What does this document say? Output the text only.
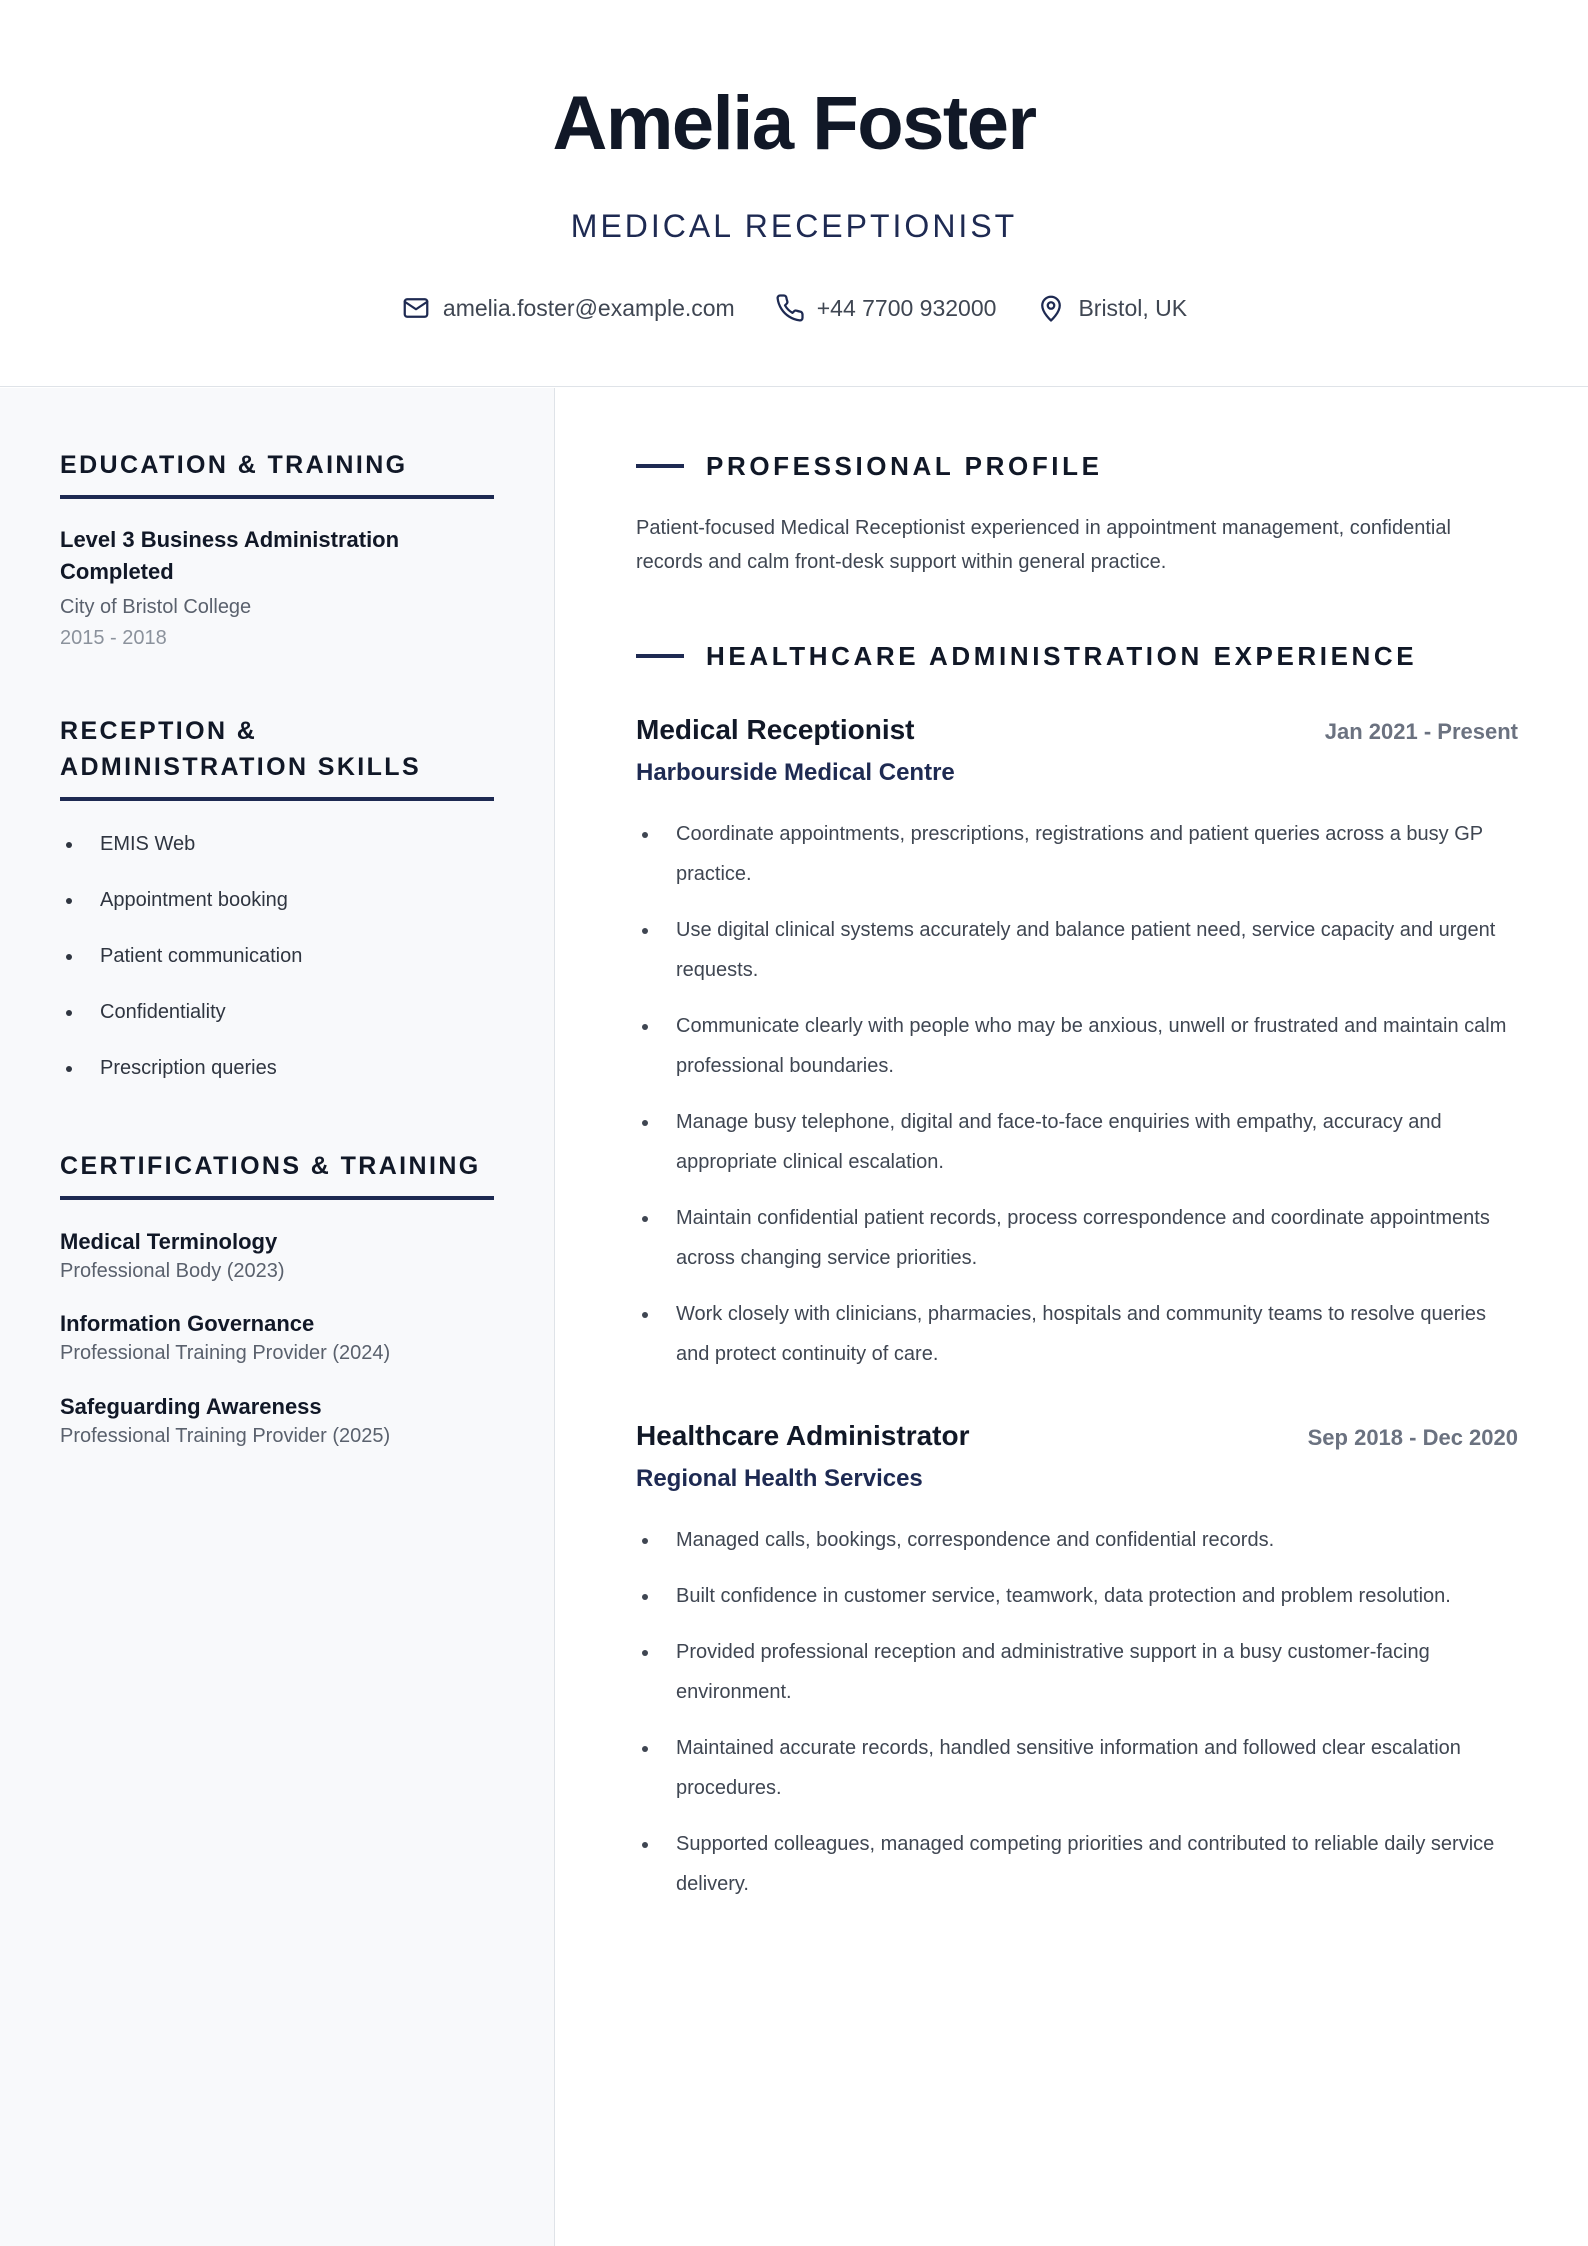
Amelia Foster
MEDICAL RECEPTIONIST
amelia.foster@example.com	+44 7700 932000	Bristol, UK
EDUCATION & TRAINING
Level 3 Business Administration Completed
City of Bristol College
2015 - 2018
RECEPTION & ADMINISTRATION SKILLS
EMIS Web
Appointment booking
Patient communication
Confidentiality
Prescription queries
CERTIFICATIONS & TRAINING
Medical Terminology
Professional Body (2023)
Information Governance
Professional Training Provider (2024)
Safeguarding Awareness
Professional Training Provider (2025)
PROFESSIONAL PROFILE
Patient-focused Medical Receptionist experienced in appointment management, confidential records and calm front-desk support within general practice.
HEALTHCARE ADMINISTRATION EXPERIENCE
Medical Receptionist	Jan 2021 - Present
Harbourside Medical Centre
Coordinate appointments, prescriptions, registrations and patient queries across a busy GP practice.
Use digital clinical systems accurately and balance patient need, service capacity and urgent requests.
Communicate clearly with people who may be anxious, unwell or frustrated and maintain calm professional boundaries.
Manage busy telephone, digital and face-to-face enquiries with empathy, accuracy and appropriate clinical escalation.
Maintain confidential patient records, process correspondence and coordinate appointments across changing service priorities.
Work closely with clinicians, pharmacies, hospitals and community teams to resolve queries and protect continuity of care.
Healthcare Administrator	Sep 2018 - Dec 2020
Regional Health Services
Managed calls, bookings, correspondence and confidential records.
Built confidence in customer service, teamwork, data protection and problem resolution.
Provided professional reception and administrative support in a busy customer-facing environment.
Maintained accurate records, handled sensitive information and followed clear escalation procedures.
Supported colleagues, managed competing priorities and contributed to reliable daily service delivery.
